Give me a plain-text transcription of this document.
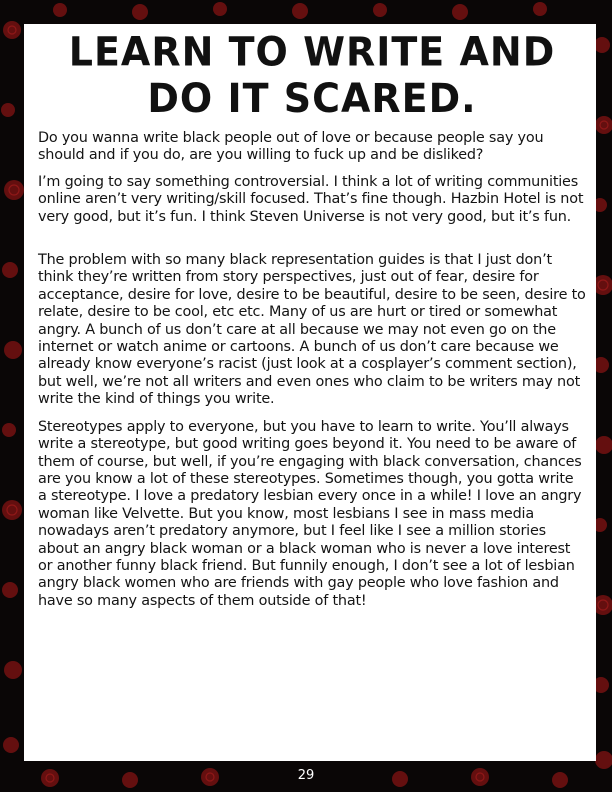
LEARN TO WRITE AND DO IT SCARED.

Do you wanna write black people out of love or because people say you should and if you do, are you willing to fuck up and be disliked?

I’m going to say something controversial. I think a lot of writing communities online aren’t very writing/skill focused. That’s fine though. Hazbin Hotel is not very good, but it’s fun. I think Steven Universe is not very good, but it’s fun.

The problem with so many black representation guides is that I just don’t think they’re written from story perspectives, just out of fear, desire for acceptance, desire for love, desire to be beautiful, desire to be seen, desire to relate, desire to be cool, etc etc. Many of us are hurt or tired or somewhat angry. A bunch of us don’t care at all because we may not even go on the internet or watch anime or cartoons. A bunch of us don’t care because we already know everyone’s racist (just look at a cosplayer’s comment section), but well, we’re not all writers and even ones who claim to be writers may not write the kind of things you write.

Stereotypes apply to everyone, but you have to learn to write. You’ll always write a stereotype, but good writing goes beyond it. You need to be aware of them of course, but well, if you’re engaging with black conversation, chances are you know a lot of these stereotypes. Sometimes though, you gotta write a stereotype. I love a predatory lesbian every once in a while! I love an angry woman like Velvette. But you know, most lesbians I see in mass media nowadays aren’t predatory anymore, but I feel like I see a million stories about an angry black woman or a black woman who is never a love interest or another funny black friend. But funnily enough, I don’t see a lot of lesbian angry black women who are friends with gay people who love fashion and have so many aspects of them outside of that!

29
